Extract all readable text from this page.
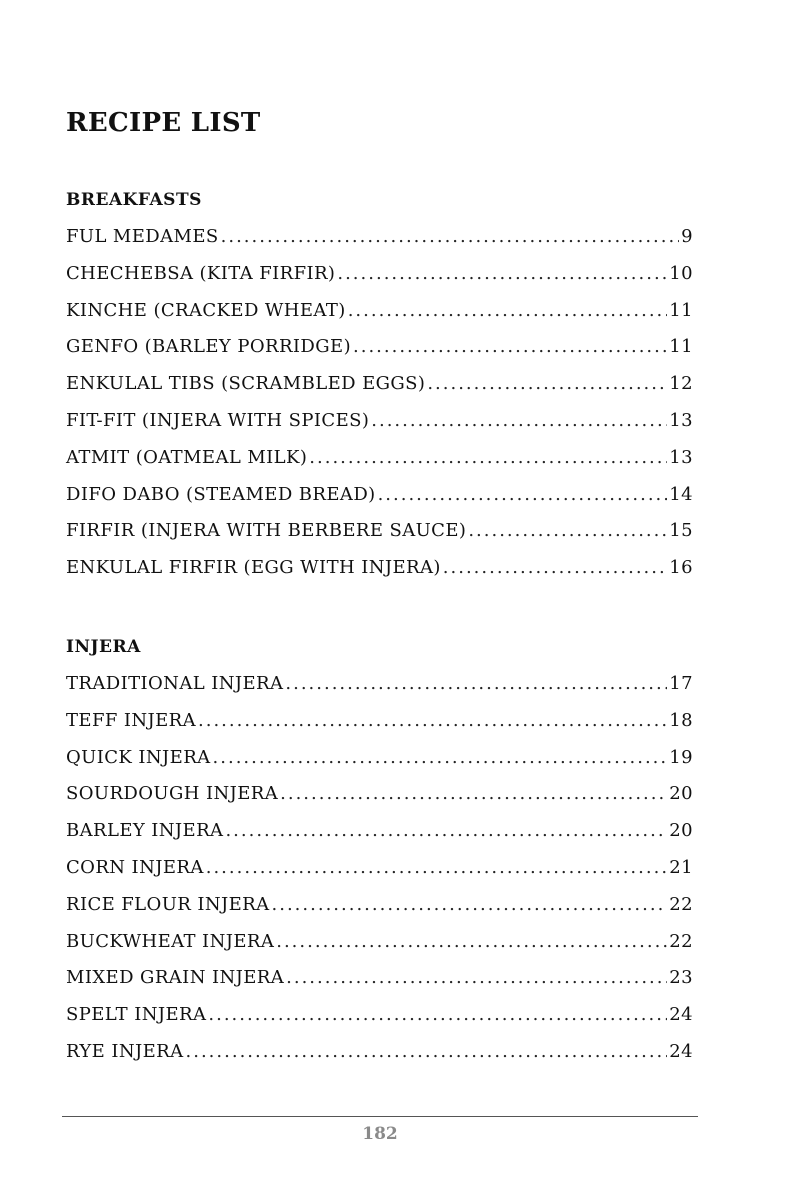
RECIPE LIST
BREAKFASTS
FUL MEDAMES .....	9
CHECHEBSA (KITA FIRFIR) .....	10
KINCHE (CRACKED WHEAT) .....	11
GENFO (BARLEY PORRIDGE) .....	11
ENKULAL TIBS (SCRAMBLED EGGS) .....	12
FIT-FIT (INJERA WITH SPICES) .....	13
ATMIT (OATMEAL MILK) .....	13
DIFO DABO (STEAMED BREAD) .....	14
FIRFIR (INJERA WITH BERBERE SAUCE) .....	15
ENKULAL FIRFIR (EGG WITH INJERA) .....	16
INJERA
TRADITIONAL INJERA .....	17
TEFF INJERA .....	18
QUICK INJERA .....	19
SOURDOUGH INJERA .....	20
BARLEY INJERA .....	20
CORN INJERA .....	21
RICE FLOUR INJERA .....	22
BUCKWHEAT INJERA .....	22
MIXED GRAIN INJERA .....	23
SPELT INJERA .....	24
RYE INJERA .....	24
182
